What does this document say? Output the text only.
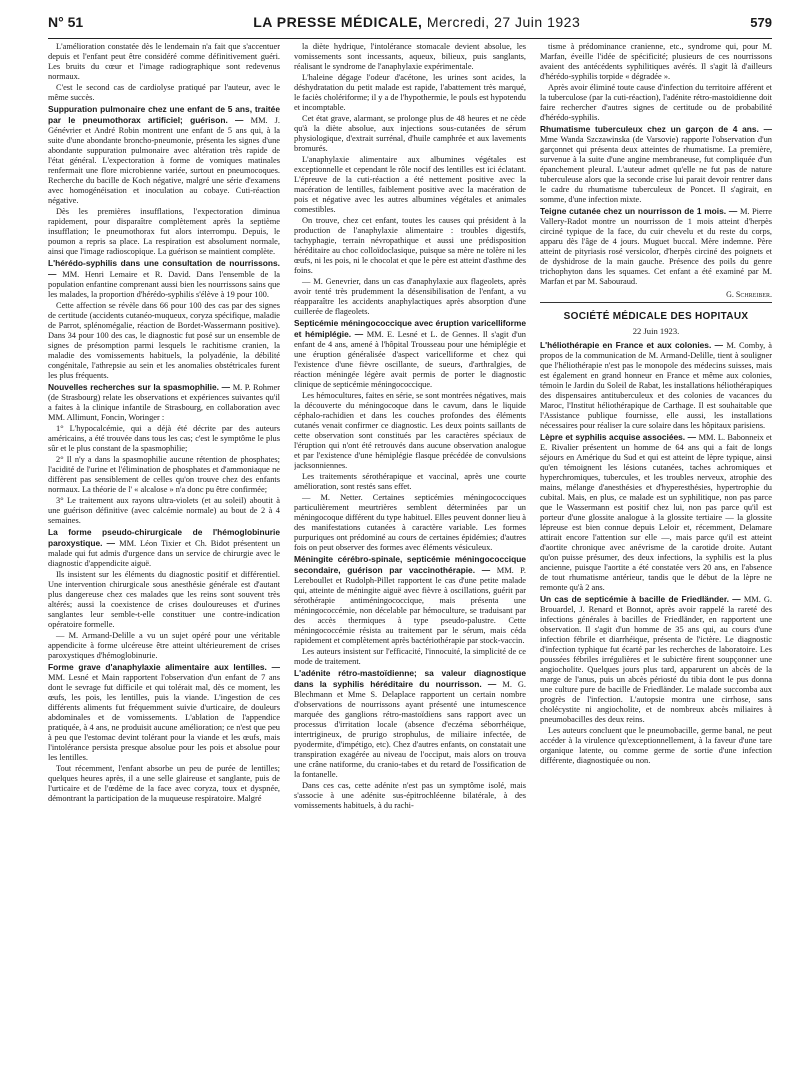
N° 51	LA PRESSE MÉDICALE, Mercredi, 27 Juin 1923	579

L'amélioration constatée dès le lendemain n'a fait que s'accentuer depuis et l'enfant peut être considéré comme définitivement guéri. Les bruits du cœur et l'image radiographique sont redevenus normaux.

C'est le second cas de cardiolyse pratiqué par l'auteur, avec le même succès.

Suppuration pulmonaire chez une enfant de 5 ans, traitée par le pneumothorax artificiel; guérison. — MM. J. Génévrier et André Robin montrent une enfant de 5 ans qui, à la suite d'une abondante broncho-pneumonie, présenta les signes d'une abondante suppuration pulmonaire avec altération très rapide de l'état général. L'expectoration à forme de vomiques matinales renfermait une flore microbienne variée, surtout en pneumocoques. Recherche du bacille de Koch négative, malgré une série d'examens avec homogénéisation et inoculation au cobaye. Cuti-réaction négative.

Dès les premières insufflations, l'expectoration diminua rapidement, pour disparaître complètement après la septième insufflation; le pneumothorax fut alors interrompu. Depuis, le poumon a repris sa place. La respiration est absolument normale, ainsi que l'image radioscopique. La guérison se maintient complète.

L'hérédo-syphilis dans une consultation de nourrissons. — MM. Henri Lemaire et R. David. Dans l'ensemble de la population enfantine comprenant aussi bien les nourrissons sains que les malades, la proportion d'hérédo-syphilis s'élève à 19 pour 100.

Cette affection se révèle dans 66 pour 100 des cas par des signes de certitude (accidents cutanéo-muqueux, coryza spécifique, maladie de Parrot, splénomégalie, réaction de Bordet-Wassermann positive). Dans 34 pour 100 des cas, le diagnostic fut posé sur un ensemble de signes de présomption parmi lesquels le rachitisme cranien, la maladie des vomissements habituels, la polyadénie, la débilité congénitale, l'athrepsie au sein et les anomalies obstétricales furent les plus fréquents.

Nouvelles recherches sur la spasmophilie. — M. P. Rohmer (de Strasbourg) relate les observations et expériences suivantes qu'il a faites à la clinique infantile de Strasbourg, en collaboration avec MM. Allimunt, Foncin, Woringer :

1° L'hypocalcémie, qui a déjà été décrite par des auteurs américains, a été trouvée dans tous les cas; c'est le symptôme le plus sûr et le plus constant de la spasmophilie;

2° Il n'y a dans la spasmophilie aucune rétention de phosphates; l'acidité de l'urine et l'élimination de phosphates et d'ammoniaque ne diffèrent pas sensiblement de celles qu'on trouve chez des enfants normaux. La théorie de l' « alcalose » n'a donc pu être confirmée;

3° Le traitement aux rayons ultra-violets (et au soleil) aboutit à une guérison définitive (avec calcémie normale) au bout de 2 à 4 semaines.

La forme pseudo-chirurgicale de l'hémoglobinurie paroxystique. — MM. Léon Tixier et Ch. Bidot présentent un malade qui fut admis d'urgence dans un service de chirurgie avec le diagnostic d'appendicite aiguë.

Ils insistent sur les éléments du diagnostic positif et différentiel. Une intervention chirurgicale sous anesthésie générale est d'autant plus dangereuse chez ces malades que les reins sont souvent très altérés; aussi la coexistence de crises douloureuses et d'urines sanglantes leur semble-t-elle constituer une contre-indication opératoire formelle.

— M. Armand-Delille a vu un sujet opéré pour une véritable appendicite à forme ulcéreuse être atteint ultérieurement de crises paroxystiques d'hémoglobinurie.

Forme grave d'anaphylaxie alimentaire aux lentilles. — MM. Lesné et Main rapportent l'observation d'un enfant de 7 ans dont le sevrage fut difficile et qui tolérait mal, dès ce moment, les œufs, les pois, les lentilles, puis la viande. L'ingestion de ces différents aliments fut fréquemment suivie d'urticaire, de douleurs abdominales et de vomissements. L'ablation de l'appendice pratiquée, à 4 ans, ne produisit aucune amélioration; ce n'est que peu à peu que l'estomac devint tolérant pour la viande et les œufs, mais l'intolérance persista presque absolue pour les pois et absolue pour les lentilles.

Tout récemment, l'enfant absorbe un peu de purée de lentilles; quelques heures après, il a une selle glaireuse et sanglante, puis de l'urticaire et de l'œdème de la face avec coryza, toux et dyspnée, démontrant la participation de la muqueuse respiratoire. Malgré

la diète hydrique, l'intolérance stomacale devient absolue, les vomissements sont incessants, aqueux, bilieux, puis sanglants, réalisant le syndrome de l'anaphylaxie expérimentale.

L'haleine dégage l'odeur d'acétone, les urines sont acides, la déshydratation du petit malade est rapide, l'abattement très marqué, le faciès cholériforme; il y a de l'hypothermie, le pouls est hypotendu et incomptable.

Cet état grave, alarmant, se prolonge plus de 48 heures et ne cède qu'à la diète absolue, aux injections sous-cutanées de sérum physiologique, d'extrait surrénal, d'huile camphrée et aux lavements bromurés.

L'anaphylaxie alimentaire aux albumines végétales est exceptionnelle et cependant le rôle nocif des lentilles est ici éclatant. L'épreuve de la cuti-réaction a été nettement positive avec la macération de lentilles, faiblement positive avec la macération de pois et négative avec les autres albumines végétales et animales comestibles.

On trouve, chez cet enfant, toutes les causes qui président à la production de l'anaphylaxie alimentaire : troubles digestifs, tachyphagie, terrain névropathique et aussi une prédisposition héréditaire au choc colloïdoclasique, puisque sa mère ne tolère ni les œufs, ni les pois, ni le chocolat et que le père est atteint d'asthme des foins.

— M. Genevrier, dans un cas d'anaphylaxie aux flageolets, après avoir tenté très prudemment la désensibilisation de l'enfant, a vu réapparaître les accidents anaphylactiques après absorption d'une cuillerée de flageolets.

Septicémie méningococcique avec éruption varicelliforme et hémiplégie. — MM. E. Lesné et L. de Gennes. Il s'agit d'un enfant de 4 ans, amené à l'hôpital Trousseau pour une hémiplégie et une éruption généralisée d'aspect varicelliforme et chez qui l'existence d'une fièvre oscillante, de sueurs, d'arthralgies, de réaction méningée légère avait permis de porter le diagnostic clinique de septicémie méningococcique.

Les hémocultures, faites en série, se sont montrées négatives, mais la découverte du méningocoque dans le cavum, dans le liquide céphalo-rachidien et dans les couches profondes des éléments cutanés venait confirmer ce diagnostic. Les deux points saillants de cette observation sont constitués par les caractères spéciaux de l'éruption qui n'ont été retrouvés dans aucune observation analogue et par l'existence d'une hémiplégie flasque précédée de convulsions jacksonniennes.

Les traitements sérothérapique et vaccinal, après une courte amélioration, sont restés sans effet.

— M. Netter. Certaines septicémies méningococciques particulièrement meurtrières semblent déterminées par un méningocoque différent du type habituel. Elles peuvent donner lieu à des manifestations cutanées à caractère variable. Les formes purpuriques ont prédominé au cours de certaines épidémies; d'autres fois on peut observer des formes avec éléments vésiculeux.

Méningite cérébro-spinale, septicémie méningococcique secondaire, guérison par vaccinothérapie. — MM. P. Lereboullet et Rudolph-Pillet rapportent le cas d'une petite malade qui, atteinte de méningite aiguë avec fièvre à oscillations, guérit par sérothérapie antiméningococcique, mais présenta une méningococcémie, non décelable par hémoculture, se traduisant par des accès thermiques à type pseudo-palustre. Cette méningococcémie résista au traitement par le sérum, mais céda rapidement et complètement après bactériothérapie par stock-vaccin.

Les auteurs insistent sur l'efficacité, l'innocuité, la simplicité de ce mode de traitement.

L'adénite rétro-mastoïdienne; sa valeur diagnostique dans la syphilis héréditaire du nourrisson. — M. G. Blechmann et Mme S. Delaplace rapportent un certain nombre d'observations de nourrissons ayant présenté une intumescence marquée des ganglions rétro-mastoïdiens sans rapport avec un processus d'irritation locale (absence d'eczéma séborrhéique, intertrigineux, de prurigo strophulus, de miliaire infectée, de pyodermite, d'impétigo, etc). Chez d'autres enfants, on constatait une transpiration exagérée au niveau de l'occiput, mais alors on trouva une crâne natiforme, du cranio-tabes et du retard de l'ossification de la fontanelle.

Dans ces cas, cette adénite n'est pas un symptôme isolé, mais s'associe à une adénite sus-épitrochléenne bilatérale, à des vomissements habituels, à du rachi-

tisme à prédominance cranienne, etc., syndrome qui, pour M. Marfan, éveille l'idée de spécificité; plusieurs de ces nourrissons avaient des antécédents syphilitiques avérés. Il s'agit là d'ailleurs d'hérédo-syphilis torpide « dégradée ».

Après avoir éliminé toute cause d'infection du territoire afférent et la tuberculose (par la cuti-réaction), l'adénite rétro-mastoïdienne doit faire rechercher d'autres signes de certitude ou de probabilité d'hérédo-syphilis.

Rhumatisme tuberculeux chez un garçon de 4 ans. — Mme Wanda Szczawinska (de Varsovie) rapporte l'observation d'un garçonnet qui présenta deux atteintes de rhumatisme. La première, survenue à la suite d'une angine membraneuse, fut compliquée d'un épanchement pleural. L'auteur admet qu'elle ne fut pas de nature tuberculeuse alors que la seconde crise lui parait devoir rentrer dans le cadre du rhumatisme tuberculeux de Poncet. Il s'agirait, en somme, d'une infection mixte.

Teigne cutanée chez un nourrisson de 1 mois. — M. Pierre Vallery-Radot montre un nourrisson de 1 mois atteint d'herpès circiné typique de la face, du cuir chevelu et du reste du corps, apparu dès l'âge de 4 jours. Muguet buccal. Mère indemne. Père atteint de pityriasis rosé versicolor, d'herpès circiné des poignets et de dyshidrose de la main gauche. Présence des poils du genre trichophyton dans les squames. Cet enfant a été examiné par M. Marfan et par M. Sabouraud.

G. Schreiber.
SOCIÉTÉ MÉDICALE DES HOPITAUX
22 Juin 1923.

L'héliothérapie en France et aux colonies. — M. Comby, à propos de la communication de M. Armand-Delille, tient à souligner que l'héliothérapie n'est pas le monopole des médecins suisses, mais est également en grand honneur en France et même aux colonies, témoin le Jardin du Soleil de Rabat, les installations héliothérapiques des dispensaires antituberculeux et des colonies de vacances du Maroc, l'Institut héliothérapique de Carthage. Il est souhaitable que l'Assistance publique fournisse, elle aussi, les installations nécessaires pour réaliser la cure solaire dans les hôpitaux parisiens.

Lèpre et syphilis acquise associées. — MM. L. Babonneix et E. Rivalier présentent un homme de 64 ans qui a fait de longs séjours en Amérique du Sud et qui est atteint de lèpre typique, ainsi qu'en témoignent les lésions cutanées, taches achromiques et hyperchromiques, tubercules, et les troubles nerveux, atrophie des mains, mélange d'anesthésies et d'hyperesthésies, hypertrophie du cubital. Mais, en plus, ce malade est un syphilitique, non pas parce que le Wassermann est positif chez lui, non pas parce qu'il est porteur d'une glossite analogue à la glossite tertiaire — la glossite lépreuse est bien connue depuis Leloir et, récemment, Delamare attirait encore l'attention sur elle —, mais parce qu'il est atteint d'aortite chronique avec anévrisme de la carotide droite. Autant qu'on puisse présumer, des deux infections, la syphilis est la plus ancienne, puisque l'aortite a été constatée vers 20 ans, en l'absence de tout rhumatisme antérieur, tandis que le début de la lèpre ne remonte qu'à 2 ans.

Un cas de septicémie à bacille de Friedländer. — MM. G. Brouardel, J. Renard et Bonnot, après avoir rappelé la rareté des infections générales à bacilles de Friedländer, en rapportent une observation. Il s'agit d'un homme de 35 ans qui, au cours d'une infection fébrile et diarrhéique, présenta de l'ictère. Le diagnostic d'infection typhique fut écarté par les recherches de laboratoire. Les poussées fébriles irrégulières et le subictère firent soupçonner une angiocholite. Quelques jours plus tard, apparurent un abcès de la marge de l'anus, puis un abcès périosté du tibia dont le pus donna une culture pure de bacille de Friedländer. Le malade succomba aux progrès de l'infection. L'autopsie montra une cirrhose, sans cholécystite ni angiocholite, et de nombreux abcès miliaires à pneumobacilles des deux reins.

Les auteurs concluent que le pneumobacille, germe banal, ne peut accéder à la virulence qu'exceptionnellement, à la faveur d'une tare organique latente, ou comme germe de sortie d'une infection différente, diagnostiquée ou non.
